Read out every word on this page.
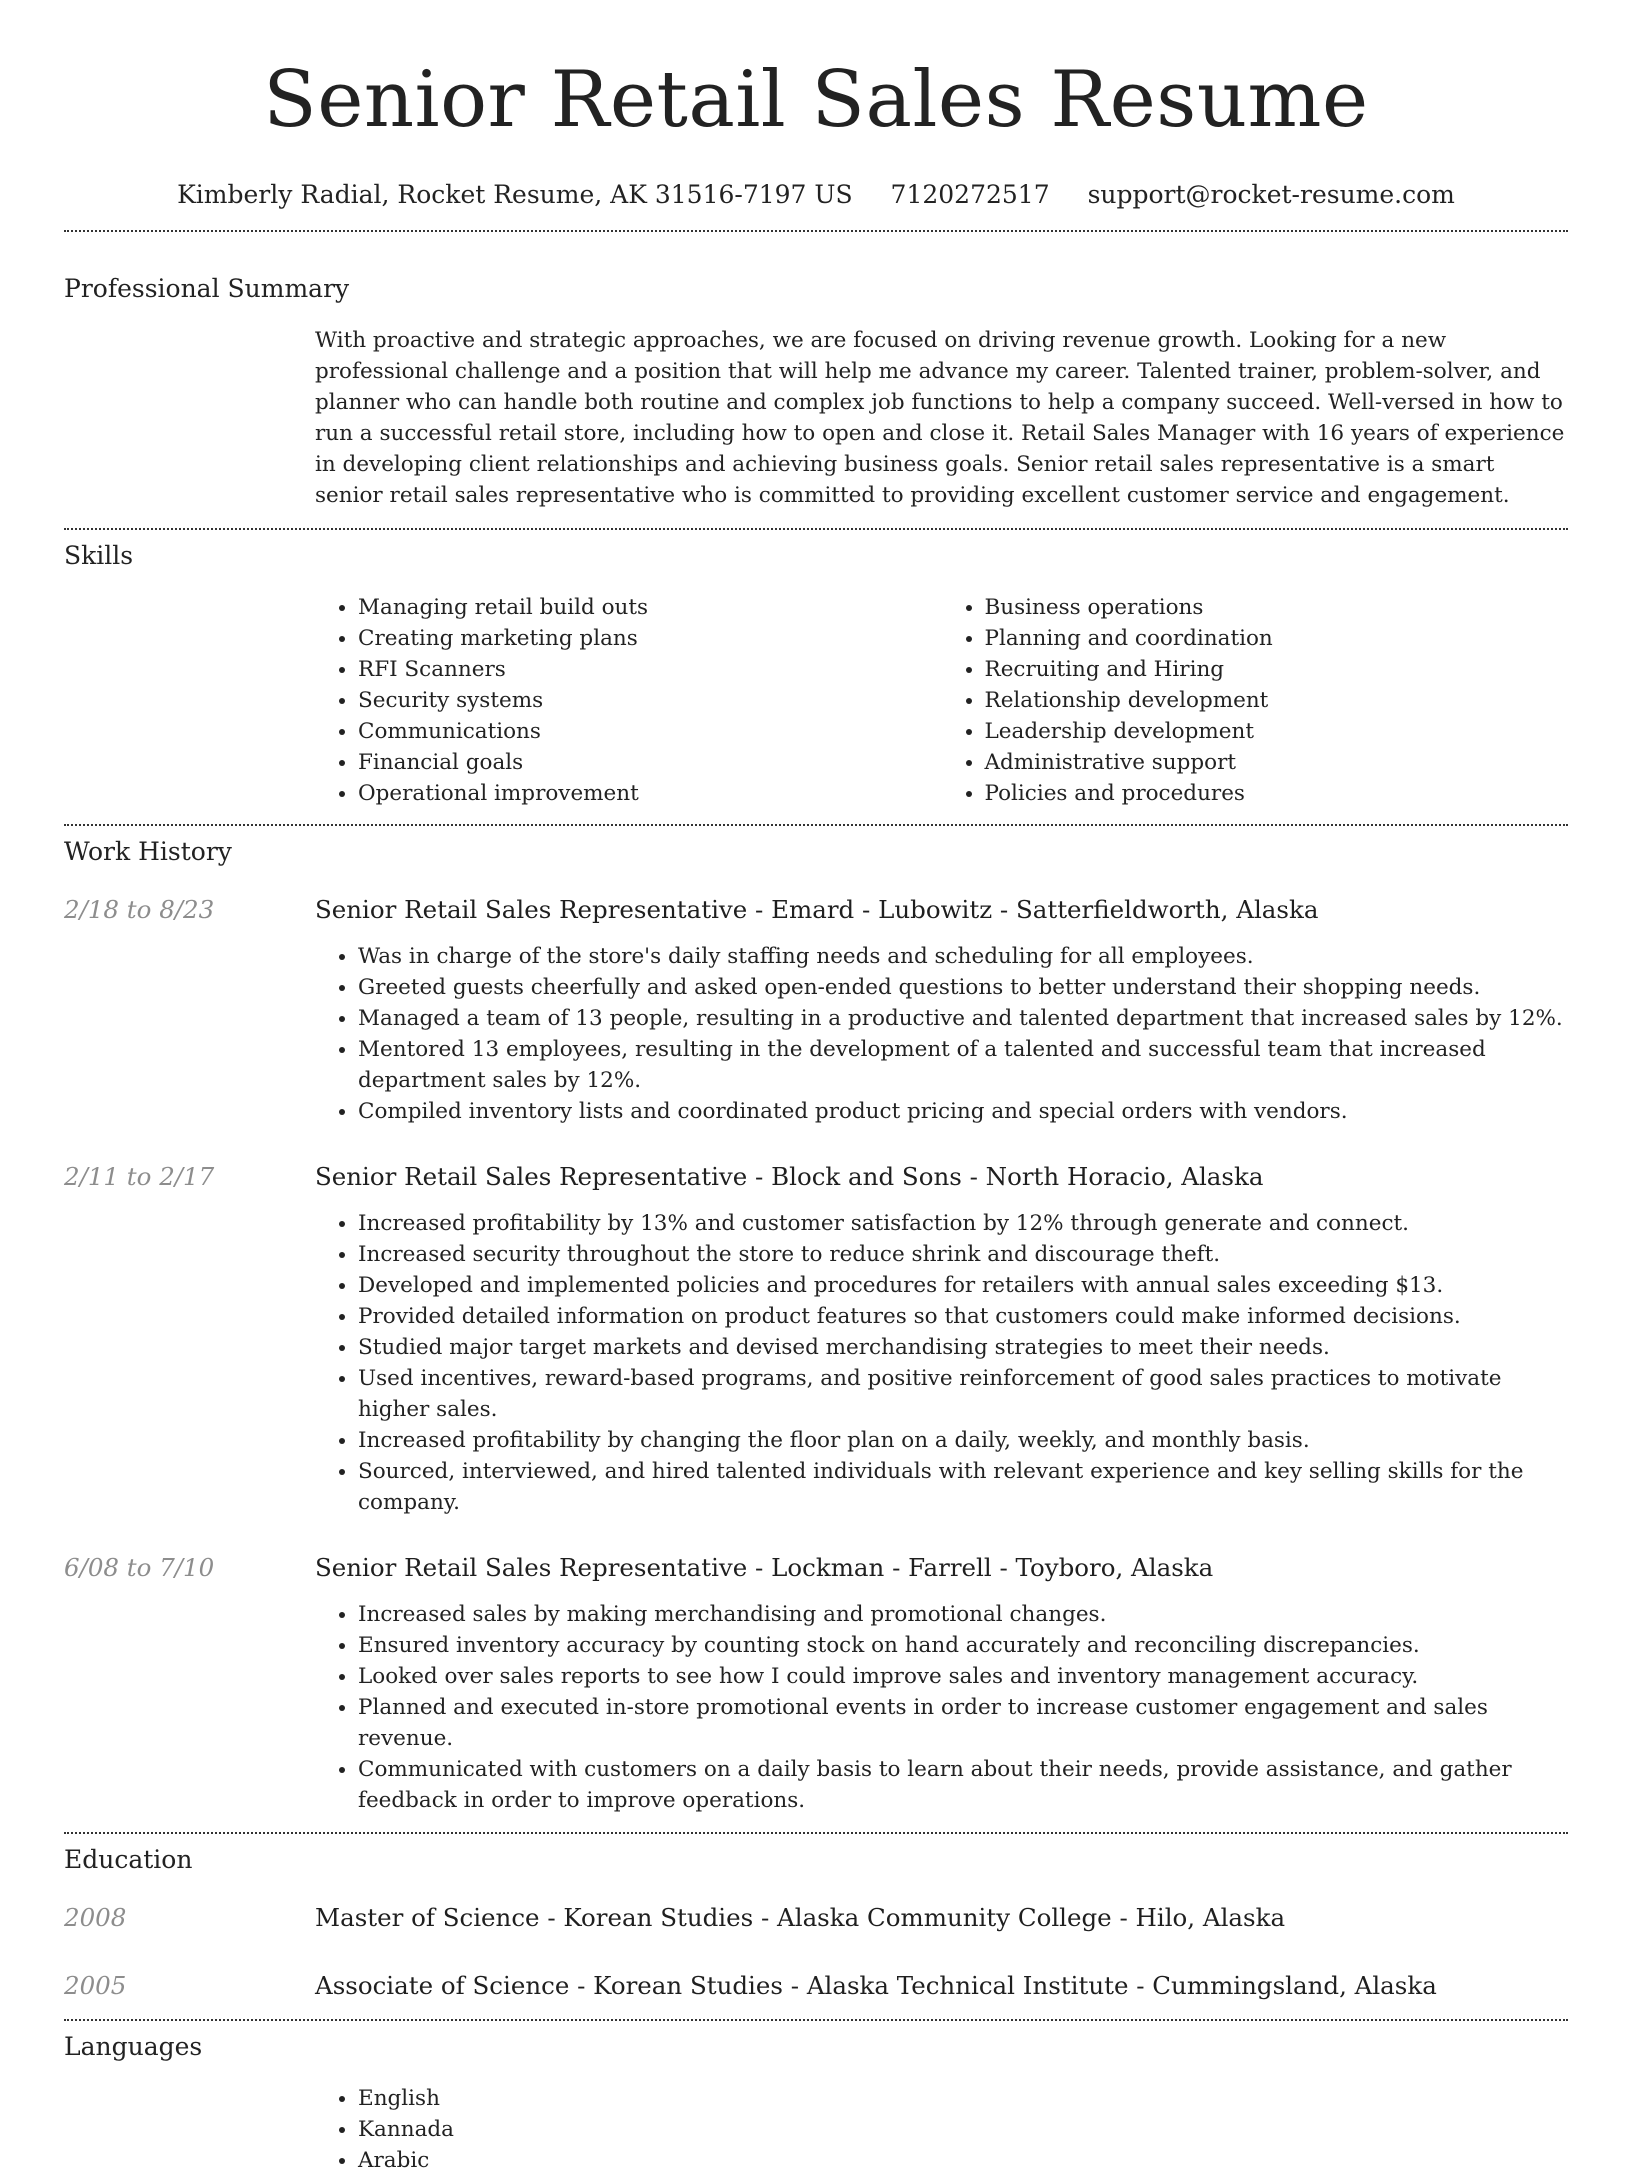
Senior Retail Sales Resume
Kimberly Radial, Rocket Resume, AK 31516-7197 US 7120272517 support@rocket-resume.com
Professional Summary

With proactive and strategic approaches, we are focused on driving revenue growth. Looking for a new professional challenge and a position that will help me advance my career. Talented trainer, problem-solver, and planner who can handle both routine and complex job functions to help a company succeed. Well-versed in how to run a successful retail store, including how to open and close it. Retail Sales Manager with 16 years of experience in developing client relationships and achieving business goals. Senior retail sales representative is a smart senior retail sales representative who is committed to providing excellent customer service and engagement.

Skills
• Managing retail build outs
• Creating marketing plans
• RFI Scanners
• Security systems
• Communications
• Financial goals
• Operational improvement
• Business operations
• Planning and coordination
• Recruiting and Hiring
• Relationship development
• Leadership development
• Administrative support
• Policies and procedures
Work History
2/18 to 8/23	Senior Retail Sales Representative - Emard - Lubowitz - Satterfieldworth, Alaska
• Was in charge of the store's daily staffing needs and scheduling for all employees.
• Greeted guests cheerfully and asked open-ended questions to better understand their shopping needs.
• Managed a team of 13 people, resulting in a productive and talented department that increased sales by 12%.
• Mentored 13 employees, resulting in the development of a talented and successful team that increased department sales by 12%.
• Compiled inventory lists and coordinated product pricing and special orders with vendors.
2/11 to 2/17	Senior Retail Sales Representative - Block and Sons - North Horacio, Alaska
• Increased profitability by 13% and customer satisfaction by 12% through generate and connect.
• Increased security throughout the store to reduce shrink and discourage theft.
• Developed and implemented policies and procedures for retailers with annual sales exceeding $13.
• Provided detailed information on product features so that customers could make informed decisions.
• Studied major target markets and devised merchandising strategies to meet their needs.
• Used incentives, reward-based programs, and positive reinforcement of good sales practices to motivate higher sales.
• Increased profitability by changing the floor plan on a daily, weekly, and monthly basis.
• Sourced, interviewed, and hired talented individuals with relevant experience and key selling skills for the company.
6/08 to 7/10	Senior Retail Sales Representative - Lockman - Farrell - Toyboro, Alaska
• Increased sales by making merchandising and promotional changes.
• Ensured inventory accuracy by counting stock on hand accurately and reconciling discrepancies.
• Looked over sales reports to see how I could improve sales and inventory management accuracy.
• Planned and executed in-store promotional events in order to increase customer engagement and sales revenue.
• Communicated with customers on a daily basis to learn about their needs, provide assistance, and gather feedback in order to improve operations.
Education
2008	Master of Science - Korean Studies - Alaska Community College - Hilo, Alaska
2005	Associate of Science - Korean Studies - Alaska Technical Institute - Cummingsland, Alaska
Languages
• English
• Kannada
• Arabic
